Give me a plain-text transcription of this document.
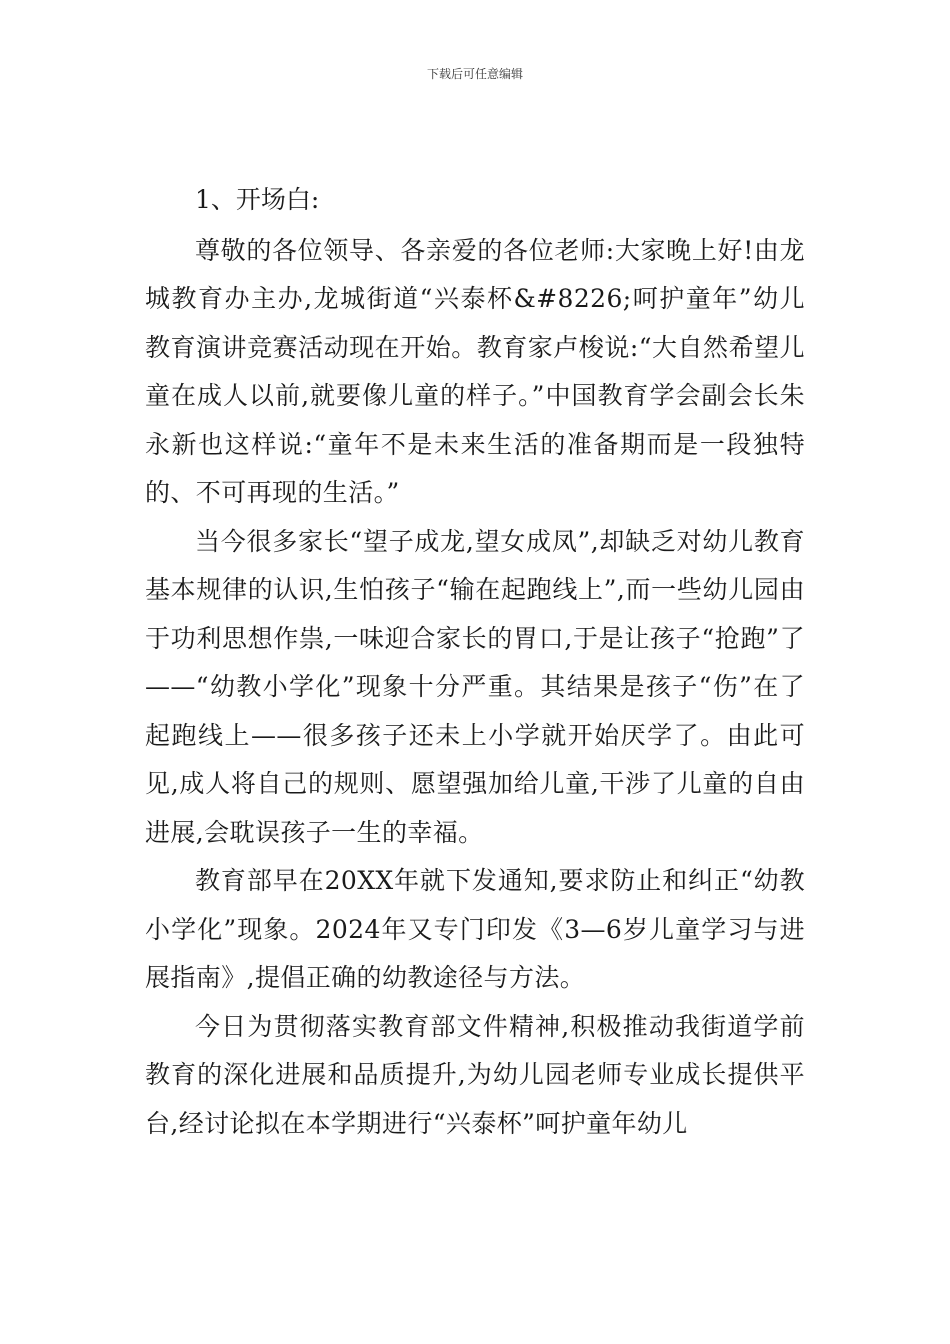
下载后可任意编辑

1、开场白:

尊敬的各位领导、各亲爱的各位老师:大家晚上好!由龙城教育办主办,龙城街道“兴泰杯&#8226;呵护童年”幼儿教育演讲竞赛活动现在开始。教育家卢梭说:“大自然希望儿童在成人以前,就要像儿童的样子。”中国教育学会副会长朱永新也这样说:“童年不是未来生活的准备期而是一段独特的、不可再现的生活。”

当今很多家长“望子成龙,望女成凤”,却缺乏对幼儿教育基本规律的认识,生怕孩子“输在起跑线上”,而一些幼儿园由于功利思想作祟,一味迎合家长的胃口,于是让孩子“抢跑”了——“幼教小学化”现象十分严重。其结果是孩子“伤”在了起跑线上——很多孩子还未上小学就开始厌学了。由此可见,成人将自己的规则、愿望强加给儿童,干涉了儿童的自由进展,会耽误孩子一生的幸福。

教育部早在20XX年就下发通知,要求防止和纠正“幼教小学化”现象。2024年又专门印发《3—6岁儿童学习与进展指南》,提倡正确的幼教途径与方法。

今日为贯彻落实教育部文件精神,积极推动我街道学前教育的深化进展和品质提升,为幼儿园老师专业成长提供平台,经讨论拟在本学期进行“兴泰杯”呵护童年幼儿
